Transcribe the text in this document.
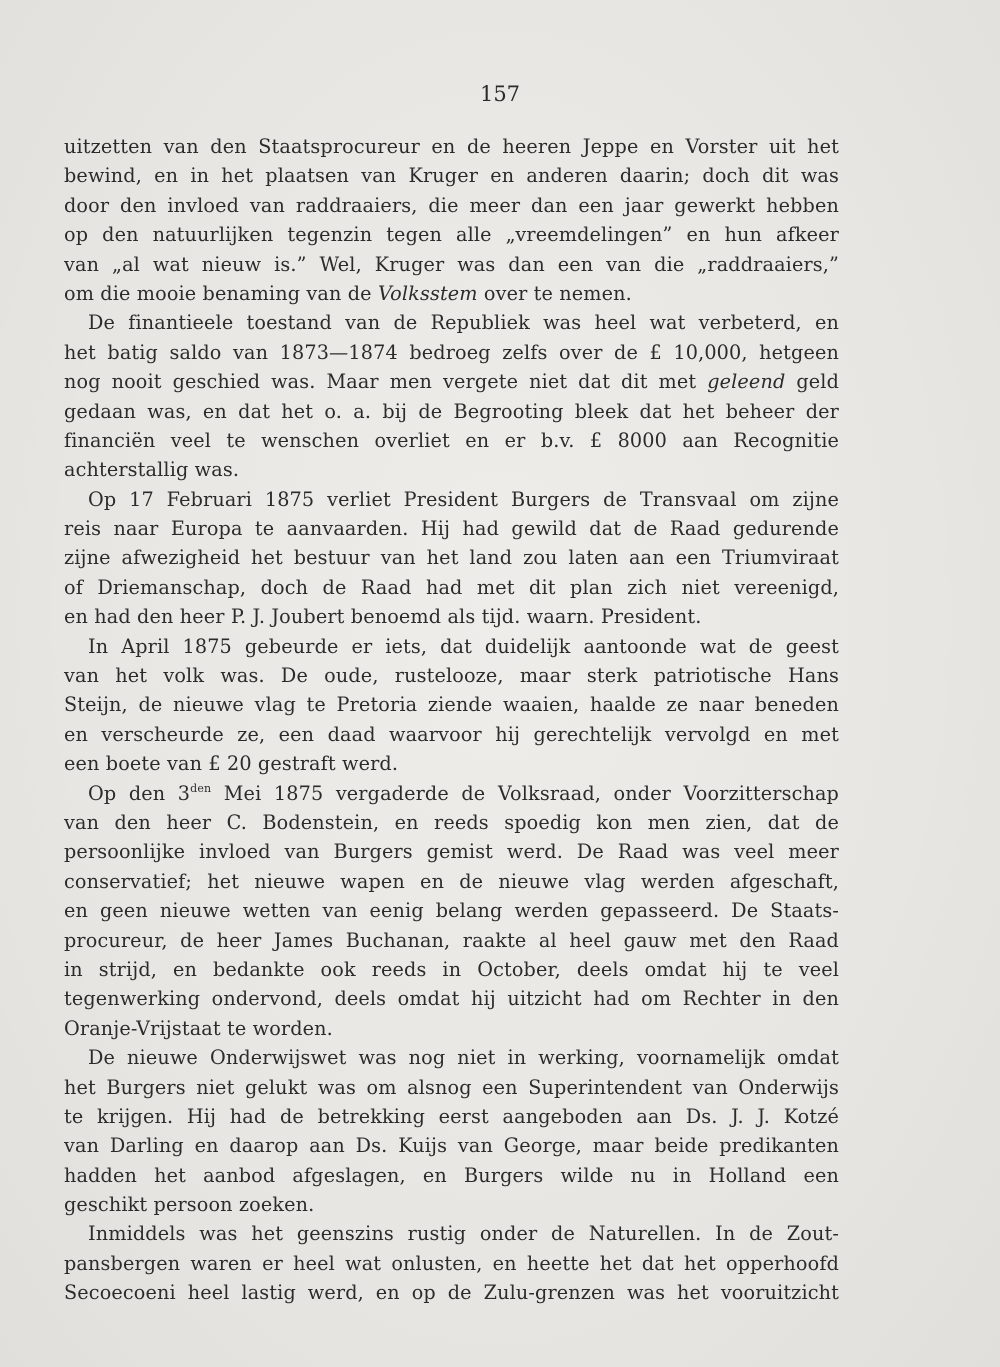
157
uitzetten van den Staatsprocureur en de heeren Jeppe en Vorster uit het
bewind, en in het plaatsen van Kruger en anderen daarin; doch dit was
door den invloed van raddraaiers, die meer dan een jaar gewerkt hebben
op den natuurlijken tegenzin tegen alle „vreemdelingen” en hun afkeer
van „al wat nieuw is.” Wel, Kruger was dan een van die „raddraaiers,”
om die mooie benaming van de Volksstem over te nemen.
De finantieele toestand van de Republiek was heel wat verbeterd, en
het batig saldo van 1873—1874 bedroeg zelfs over de £ 10,000, hetgeen
nog nooit geschied was. Maar men vergete niet dat dit met geleend geld
gedaan was, en dat het o. a. bij de Begrooting bleek dat het beheer der
financiën veel te wenschen overliet en er b.v. £ 8000 aan Recognitie
achterstallig was.
Op 17 Februari 1875 verliet President Burgers de Transvaal om zijne
reis naar Europa te aanvaarden. Hij had gewild dat de Raad gedurende
zijne afwezigheid het bestuur van het land zou laten aan een Triumviraat
of Driemanschap, doch de Raad had met dit plan zich niet vereenigd,
en had den heer P. J. Joubert benoemd als tijd. waarn. President.
In April 1875 gebeurde er iets, dat duidelijk aantoonde wat de geest
van het volk was. De oude, rustelooze, maar sterk patriotische Hans
Steijn, de nieuwe vlag te Pretoria ziende waaien, haalde ze naar beneden
en verscheurde ze, een daad waarvoor hij gerechtelijk vervolgd en met
een boete van £ 20 gestraft werd.
Op den $3^{den}$ Mei 1875 vergaderde de Volksraad, onder Voorzitterschap
van den heer C. Bodenstein, en reeds spoedig kon men zien, dat de
persoonlijke invloed van Burgers gemist werd. De Raad was veel meer
conservatief; het nieuwe wapen en de nieuwe vlag werden afgeschaft,
en geen nieuwe wetten van eenig belang werden gepasseerd. De Staats-
procureur, de heer James Buchanan, raakte al heel gauw met den Raad
in strijd, en bedankte ook reeds in October, deels omdat hij te veel
tegenwerking ondervond, deels omdat hij uitzicht had om Rechter in den
Oranje-Vrijstaat te worden.
De nieuwe Onderwijswet was nog niet in werking, voornamelijk omdat
het Burgers niet gelukt was om alsnog een Superintendent van Onderwijs
te krijgen. Hij had de betrekking eerst aangeboden aan Ds. J. J. Kotzé
van Darling en daarop aan Ds. Kuijs van George, maar beide predikanten
hadden het aanbod afgeslagen, en Burgers wilde nu in Holland een
geschikt persoon zoeken.
Inmiddels was het geenszins rustig onder de Naturellen. In de Zout-
pansbergen waren er heel wat onlusten, en heette het dat het opperhoofd
Secoecoeni heel lastig werd, en op de Zulu-grenzen was het vooruitzicht
